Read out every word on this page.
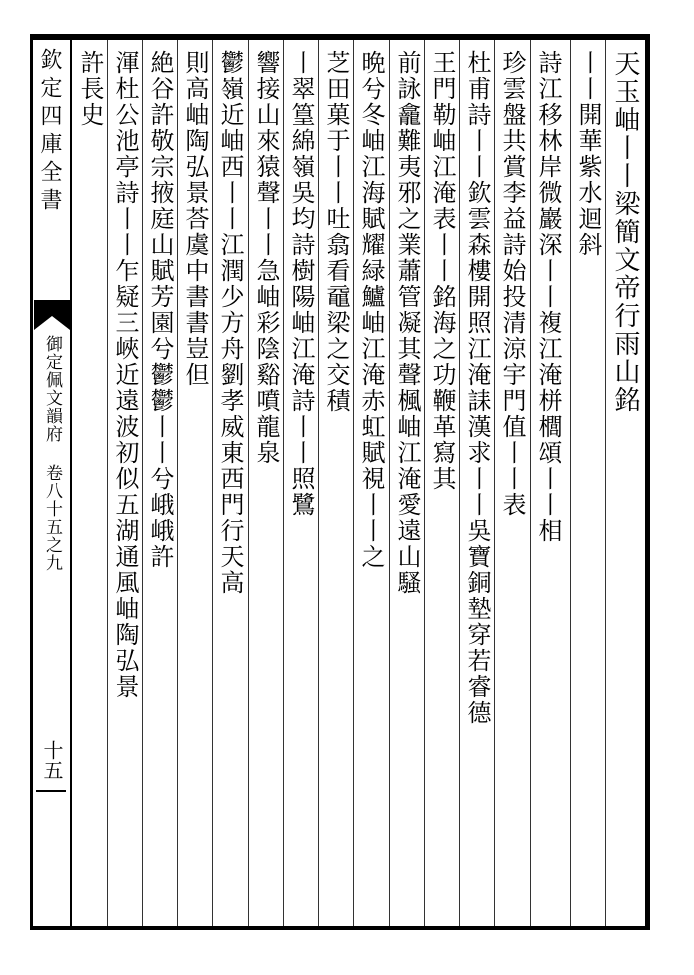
欽定四庫全書
御定佩文韻府 卷八十五之九
十五
天玉岫丨丨梁簡文帝行雨山銘
丨丨開華紫水迴斜
詩江移林岸微巖深丨丨複江淹栟櫚頌丨丨相
珍雲盤共賞李益詩始投清涼宇門值丨丨表
杜甫詩丨丨欽雲森樓開照江淹誄漢求丨丨吳寶銅墊穿若睿德
王門勒岫江淹表丨丨銘海之功鞭革寫其
前詠龕難夷邪之業蕭管凝其聲楓岫江淹愛遠山騷
晩兮冬岫江海賦耀緑鱸岫江淹赤虹賦視丨丨之
芝田菓于丨丨吐翕看黿梁之交積
丨翠篁綿嶺吳均詩樹陽岫江淹詩丨丨照鷺
響接山來猿聲丨丨急岫彩陰谿噴龍泉
鬱嶺近岫西丨丨江潤少方舟劉孝威東西門行天高
則高岫陶弘景荅虞中書書豈但
絶谷許敬宗掖庭山賦芳園兮鬱鬱丨丨兮峨峨許
渾杜公池亭詩丨丨乍疑三峽近遠波初似五湖通風岫陶弘景
許長史
